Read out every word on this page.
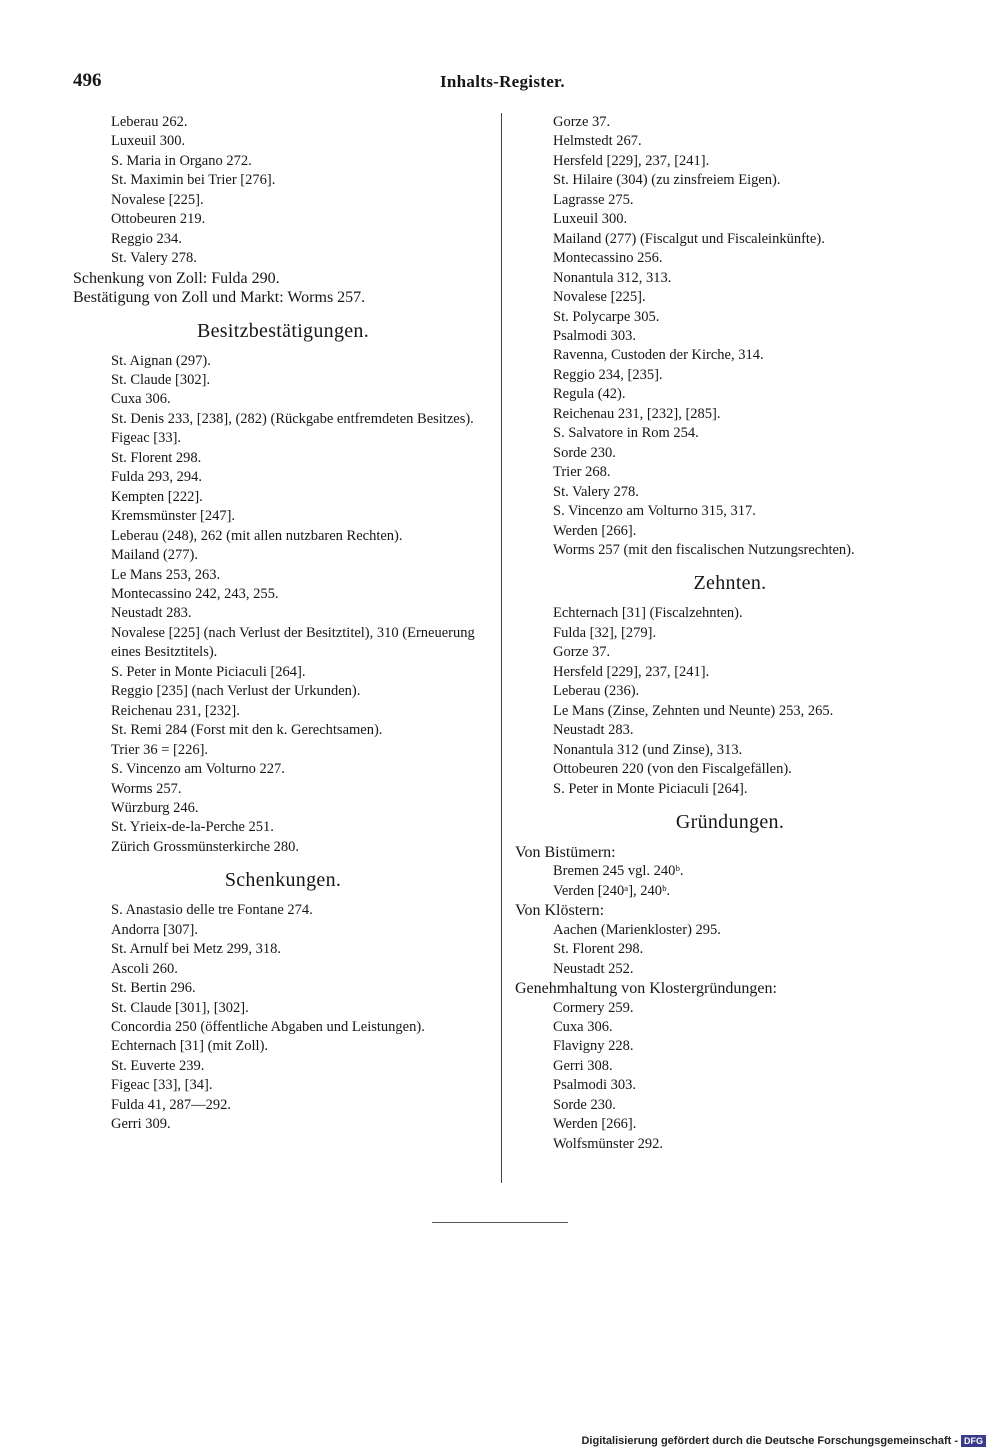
496	Inhalts-Register.
Leberau 262.
Luxeuil 300.
S. Maria in Organo 272.
St. Maximin bei Trier [276].
Novalese [225].
Ottobeuren 219.
Reggio 234.
St. Valery 278.
Schenkung von Zoll: Fulda 290.
Bestätigung von Zoll und Markt: Worms 257.
Besitzbestätigungen.
St. Aignan (297).
St. Claude [302].
Cuxa 306.
St. Denis 233, [238], (282) (Rückgabe entfremdeten Besitzes).
Figeac [33].
St. Florent 298.
Fulda 293, 294.
Kempten [222].
Kremsmünster [247].
Leberau (248), 262 (mit allen nutzbaren Rechten).
Mailand (277).
Le Mans 253, 263.
Montecassino 242, 243, 255.
Neustadt 283.
Novalese [225] (nach Verlust der Besitztitel), 310 (Erneuerung eines Besitztitels).
S. Peter in Monte Piciaculi [264].
Reggio [235] (nach Verlust der Urkunden).
Reichenau 231, [232].
St. Remi 284 (Forst mit den k. Gerechtsamen).
Trier 36 = [226].
S. Vincenzo am Volturno 227.
Worms 257.
Würzburg 246.
St. Yrieix-de-la-Perche 251.
Zürich Grossmünsterkirche 280.
Schenkungen.
S. Anastasio delle tre Fontane 274.
Andorra [307].
St. Arnulf bei Metz 299, 318.
Ascoli 260.
St. Bertin 296.
St. Claude [301], [302].
Concordia 250 (öffentliche Abgaben und Leistungen).
Echternach [31] (mit Zoll).
St. Euverte 239.
Figeac [33], [34].
Fulda 41, 287—292.
Gerri 309.
Gorze 37.
Helmstedt 267.
Hersfeld [229], 237, [241].
St. Hilaire (304) (zu zinsfreiem Eigen).
Lagrasse 275.
Luxeuil 300.
Mailand (277) (Fiscalgut und Fiscaleinkünfte).
Montecassino 256.
Nonantula 312, 313.
Novalese [225].
St. Polycarpe 305.
Psalmodi 303.
Ravenna, Custoden der Kirche, 314.
Reggio 234, [235].
Regula (42).
Reichenau 231, [232], [285].
S. Salvatore in Rom 254.
Sorde 230.
Trier 268.
St. Valery 278.
S. Vincenzo am Volturno 315, 317.
Werden [266].
Worms 257 (mit den fiscalischen Nutzungsrechten).
Zehnten.
Echternach [31] (Fiscalzehnten).
Fulda [32], [279].
Gorze 37.
Hersfeld [229], 237, [241].
Leberau (236).
Le Mans (Zinse, Zehnten und Neunte) 253, 265.
Neustadt 283.
Nonantula 312 (und Zinse), 313.
Ottobeuren 220 (von den Fiscalgefällen).
S. Peter in Monte Piciaculi [264].
Gründungen.
Von Bistümern:
Bremen 245 vgl. 240ᵇ.
Verden [240ᵃ], 240ᵇ.
Von Klöstern:
Aachen (Marienkloster) 295.
St. Florent 298.
Neustadt 252.
Genehmhaltung von Klostergründungen:
Cormery 259.
Cuxa 306.
Flavigny 228.
Gerri 308.
Psalmodi 303.
Sorde 230.
Werden [266].
Wolfsmünster 292.
Digitalisierung gefördert durch die Deutsche Forschungsgemeinschaft - DFG
